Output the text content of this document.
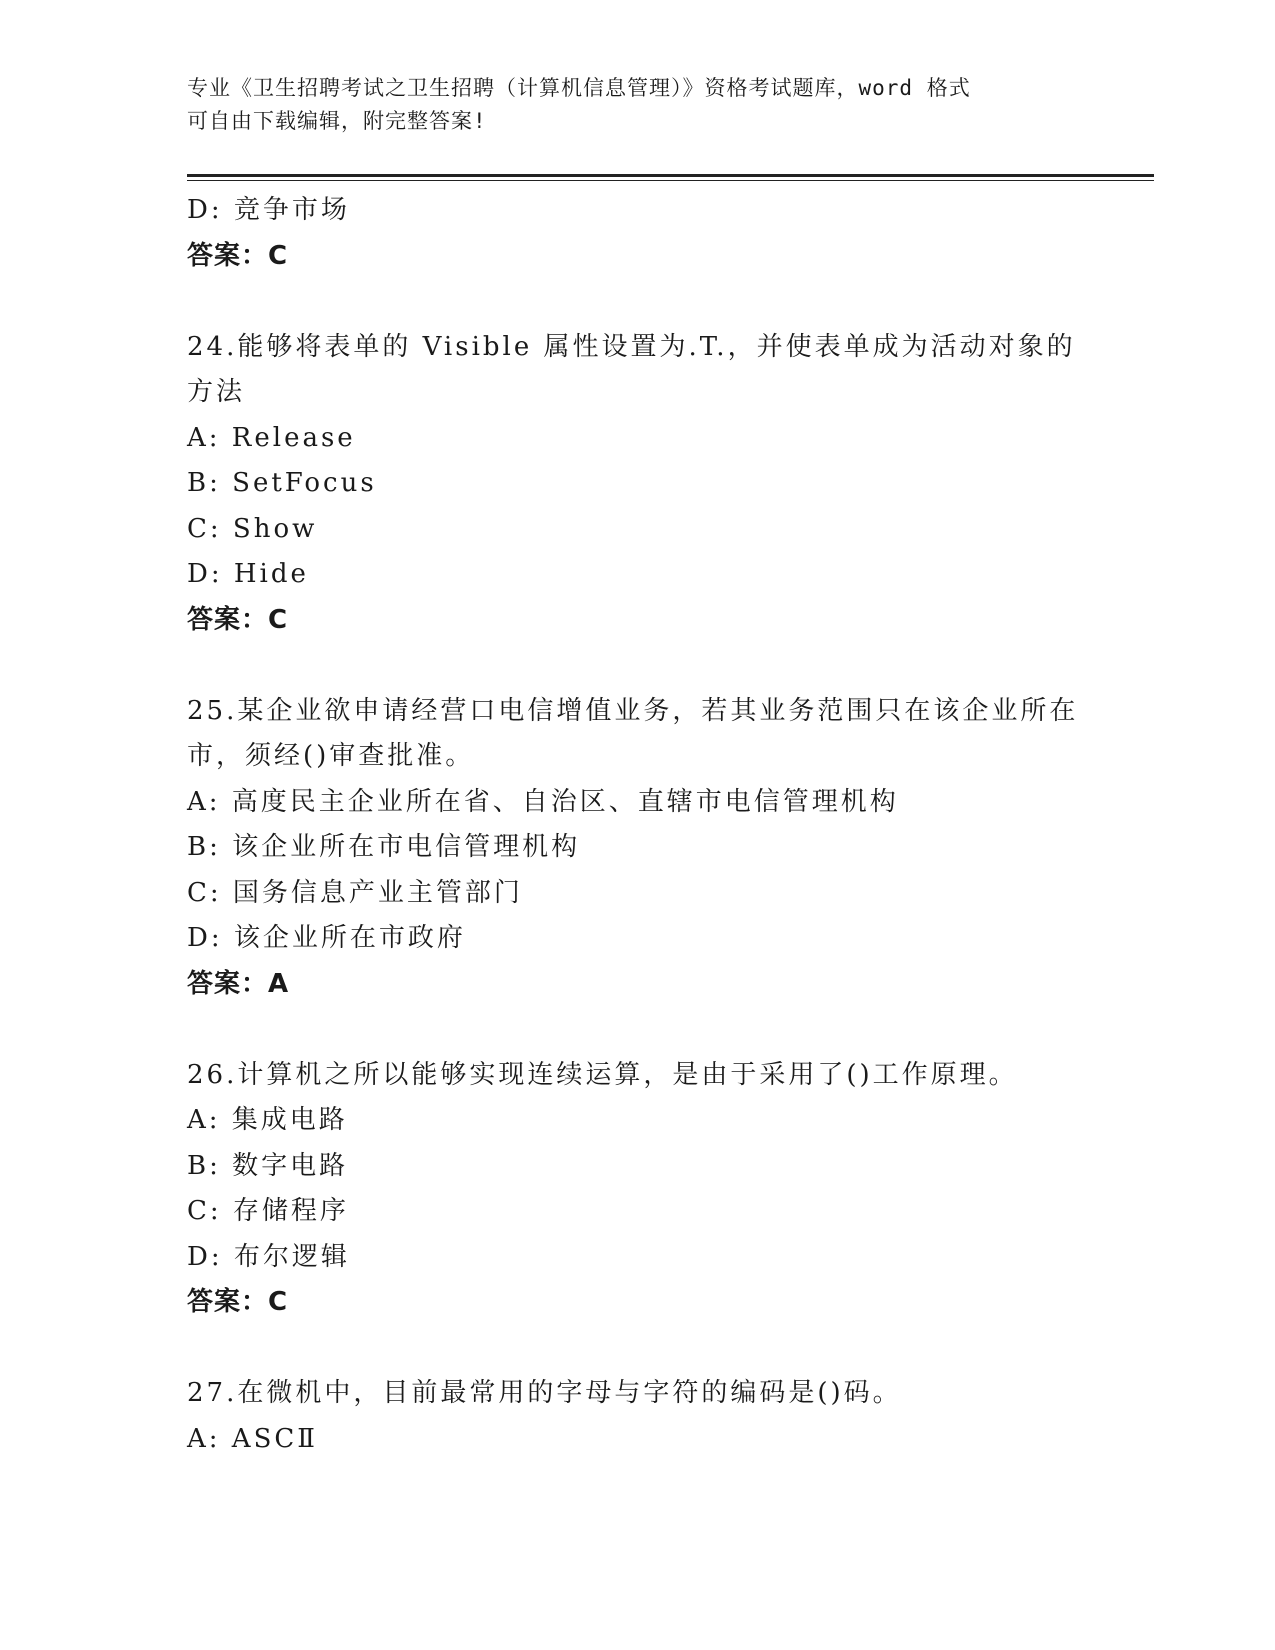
专业《卫生招聘考试之卫生招聘（计算机信息管理）》资格考试题库，word 格式
可自由下载编辑，附完整答案!
D: 竞争市场
答案：C
24.能够将表单的 Visible 属性设置为.T.，并使表单成为活动对象的
方法
A: Release
B: SetFocus
C: Show
D: Hide
答案：C
25.某企业欲申请经营口电信增值业务，若其业务范围只在该企业所在
市，须经()审查批准。
A: 高度民主企业所在省、自治区、直辖市电信管理机构
B: 该企业所在市电信管理机构
C: 国务信息产业主管部门
D: 该企业所在市政府
答案：A
26.计算机之所以能够实现连续运算，是由于采用了()工作原理。
A: 集成电路
B: 数字电路
C: 存储程序
D: 布尔逻辑
答案：C
27.在微机中，目前最常用的字母与字符的编码是()码。
A: ASCⅡ
